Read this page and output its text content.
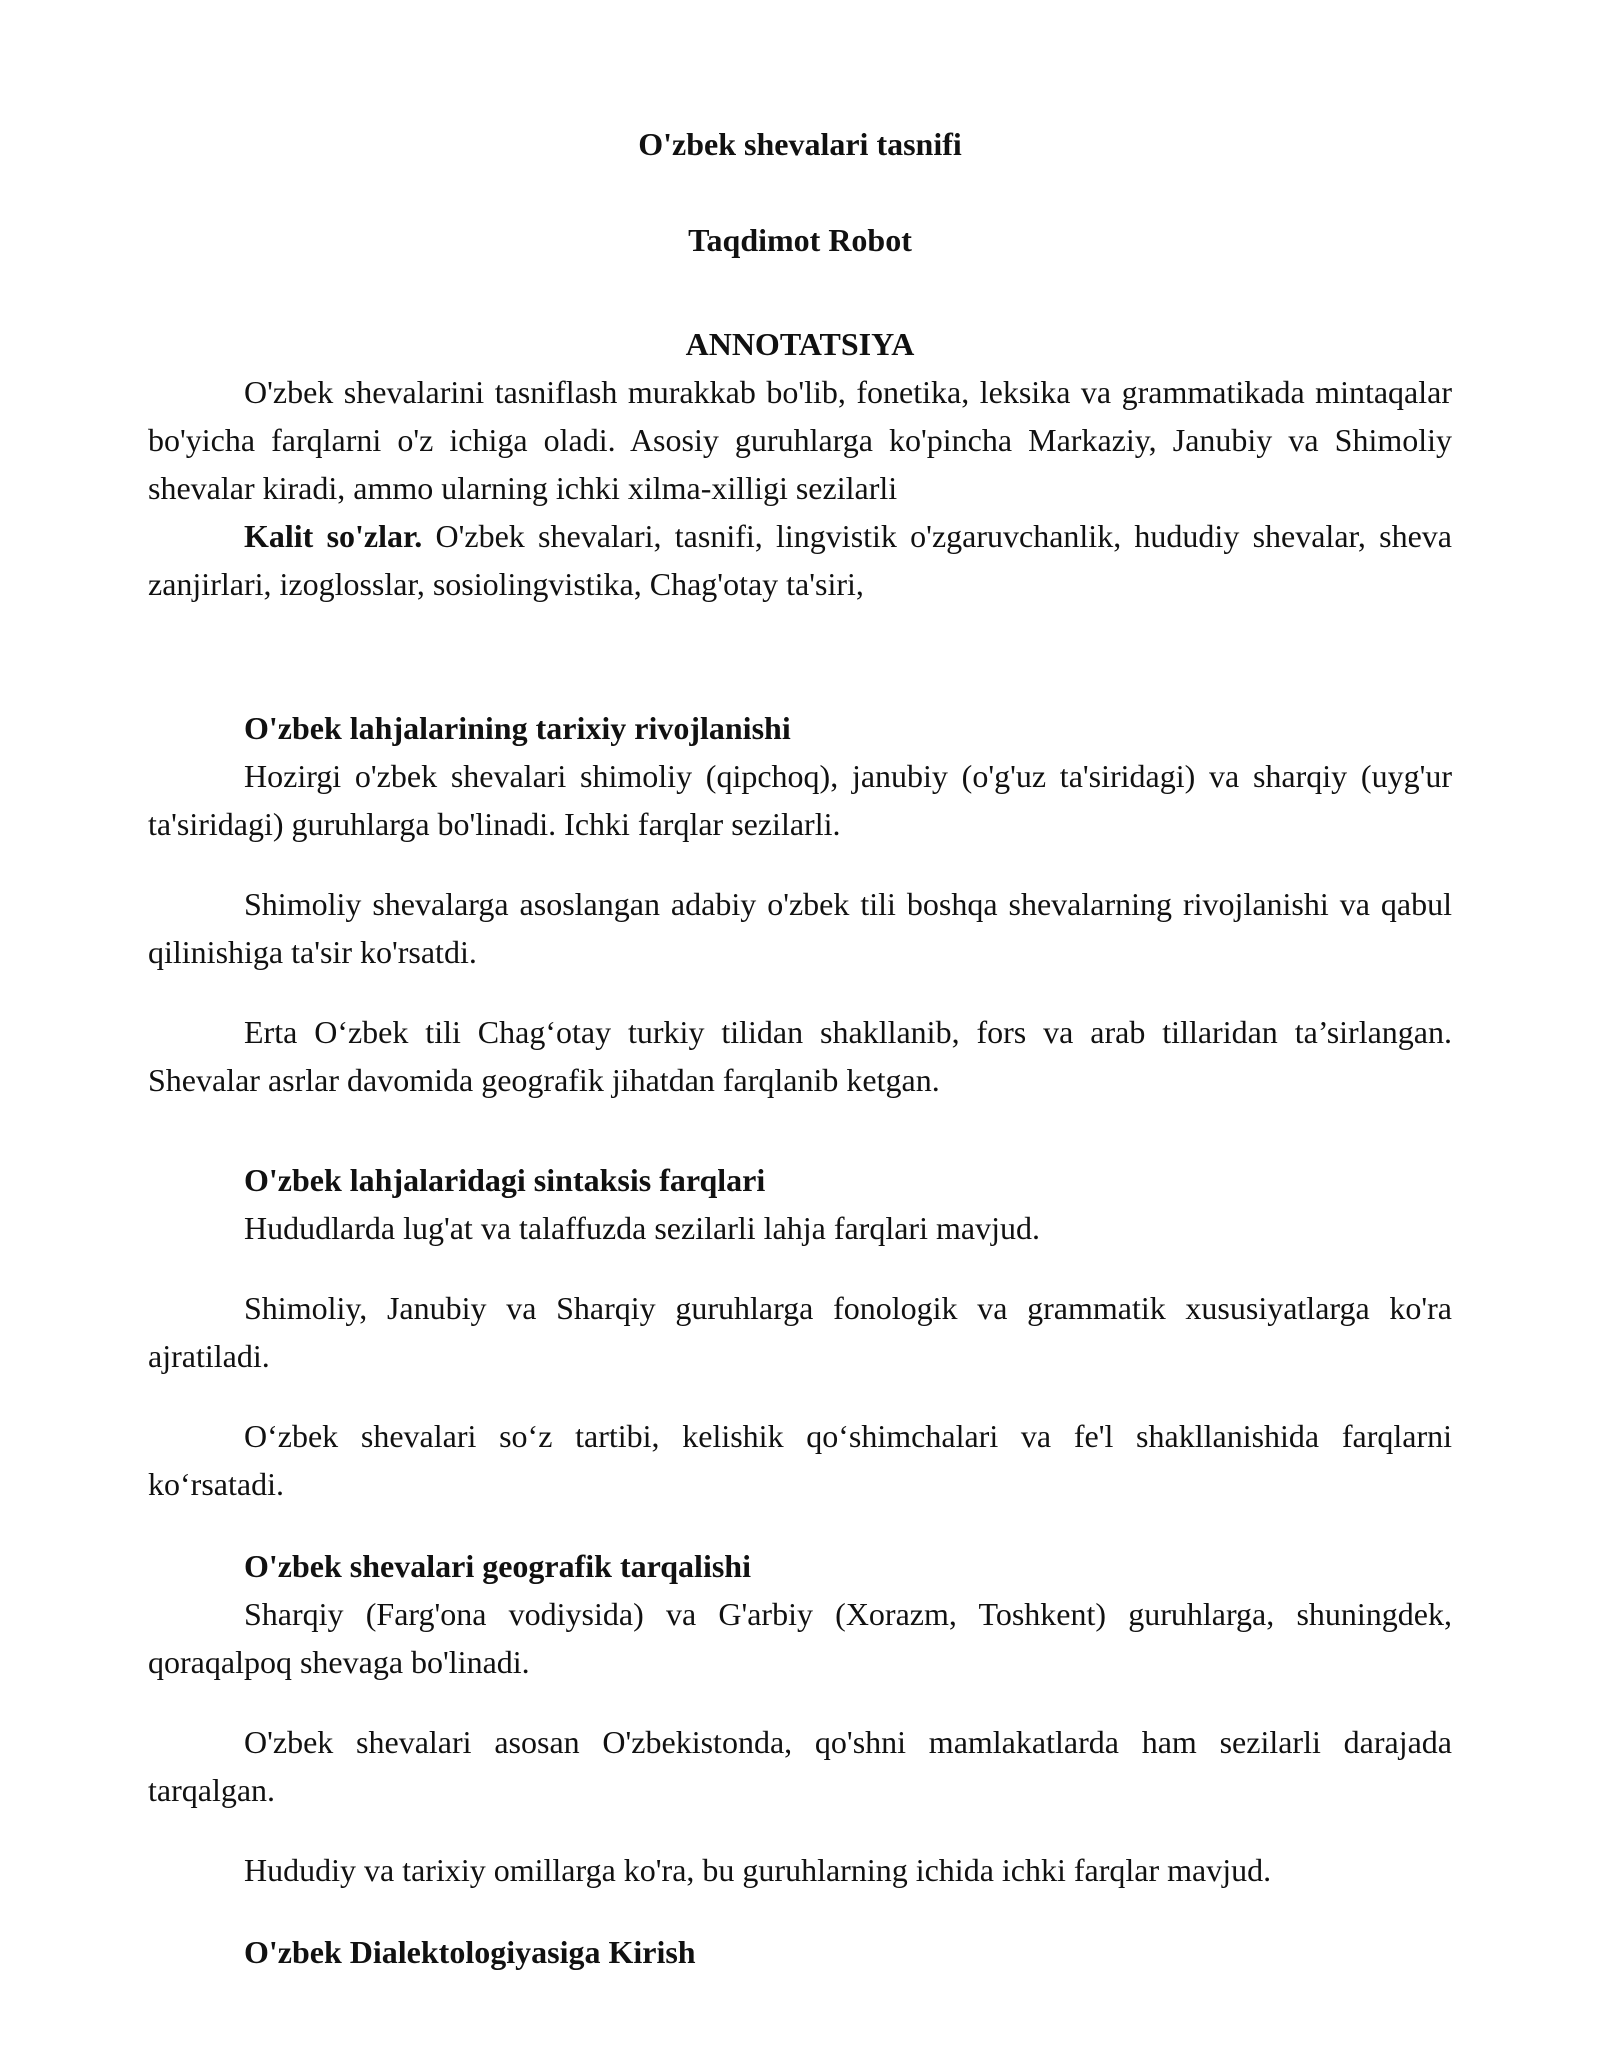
O'zbek shevalari tasnifi
Taqdimot Robot
ANNOTATSIYA

O'zbek shevalarini tasniflash murakkab bo'lib, fonetika, leksika va grammatikada mintaqalar bo'yicha farqlarni o'z ichiga oladi. Asosiy guruhlarga ko'pincha Markaziy, Janubiy va Shimoliy shevalar kiradi, ammo ularning ichki xilma-xilligi sezilarli

Kalit so'zlar. O'zbek shevalari, tasnifi, lingvistik o'zgaruvchanlik, hududiy shevalar, sheva zanjirlari, izoglosslar, sosiolingvistika, Chag'otay ta'siri,

O'zbek lahjalarining tarixiy rivojlanishi

Hozirgi o'zbek shevalari shimoliy (qipchoq), janubiy (o'g'uz ta'siridagi) va sharqiy (uyg'ur ta'siridagi) guruhlarga bo'linadi. Ichki farqlar sezilarli.

Shimoliy shevalarga asoslangan adabiy o'zbek tili boshqa shevalarning rivojlanishi va qabul qilinishiga ta'sir ko'rsatdi.

Erta O‘zbek tili Chag‘otay turkiy tilidan shakllanib, fors va arab tillaridan ta’sirlangan. Shevalar asrlar davomida geografik jihatdan farqlanib ketgan.

O'zbek lahjalaridagi sintaksis farqlari

Hududlarda lug'at va talaffuzda sezilarli lahja farqlari mavjud.

Shimoliy, Janubiy va Sharqiy guruhlarga fonologik va grammatik xususiyatlarga ko'ra ajratiladi.

O‘zbek shevalari so‘z tartibi, kelishik qo‘shimchalari va fe'l shakllanishida farqlarni ko‘rsatadi.

O'zbek shevalari geografik tarqalishi

Sharqiy (Farg'ona vodiysida) va G'arbiy (Xorazm, Toshkent) guruhlarga, shuningdek, qoraqalpoq shevaga bo'linadi.

O'zbek shevalari asosan O'zbekistonda, qo'shni mamlakatlarda ham sezilarli darajada tarqalgan.

Hududiy va tarixiy omillarga ko'ra, bu guruhlarning ichida ichki farqlar mavjud.

O'zbek Dialektologiyasiga Kirish
